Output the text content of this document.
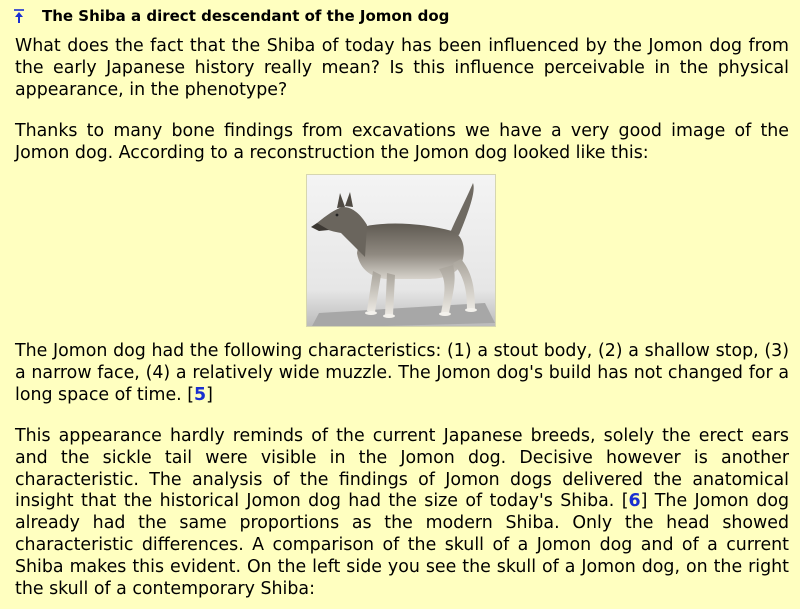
The Shiba a direct descendant of the Jomon dog

What does the fact that the Shiba of today has been influenced by the Jomon dog from the early Japanese history really mean? Is this influence perceivable in the physical appearance, in the phenotype?

Thanks to many bone findings from excavations we have a very good image of the Jomon dog. According to a reconstruction the Jomon dog looked like this:

The Jomon dog had the following characteristics: (1) a stout body, (2) a shallow stop, (3) a narrow face, (4) a relatively wide muzzle. The Jomon dog's build has not changed for a long space of time. [5]

This appearance hardly reminds of the current Japanese breeds, solely the erect ears and the sickle tail were visible in the Jomon dog. Decisive however is another characteristic. The analysis of the findings of Jomon dogs delivered the anatomical insight that the historical Jomon dog had the size of today's Shiba. [6] The Jomon dog already had the same proportions as the modern Shiba. Only the head showed characteristic differences. A comparison of the skull of a Jomon dog and of a current Shiba makes this evident. On the left side you see the skull of a Jomon dog, on the right the skull of a contemporary Shiba:
